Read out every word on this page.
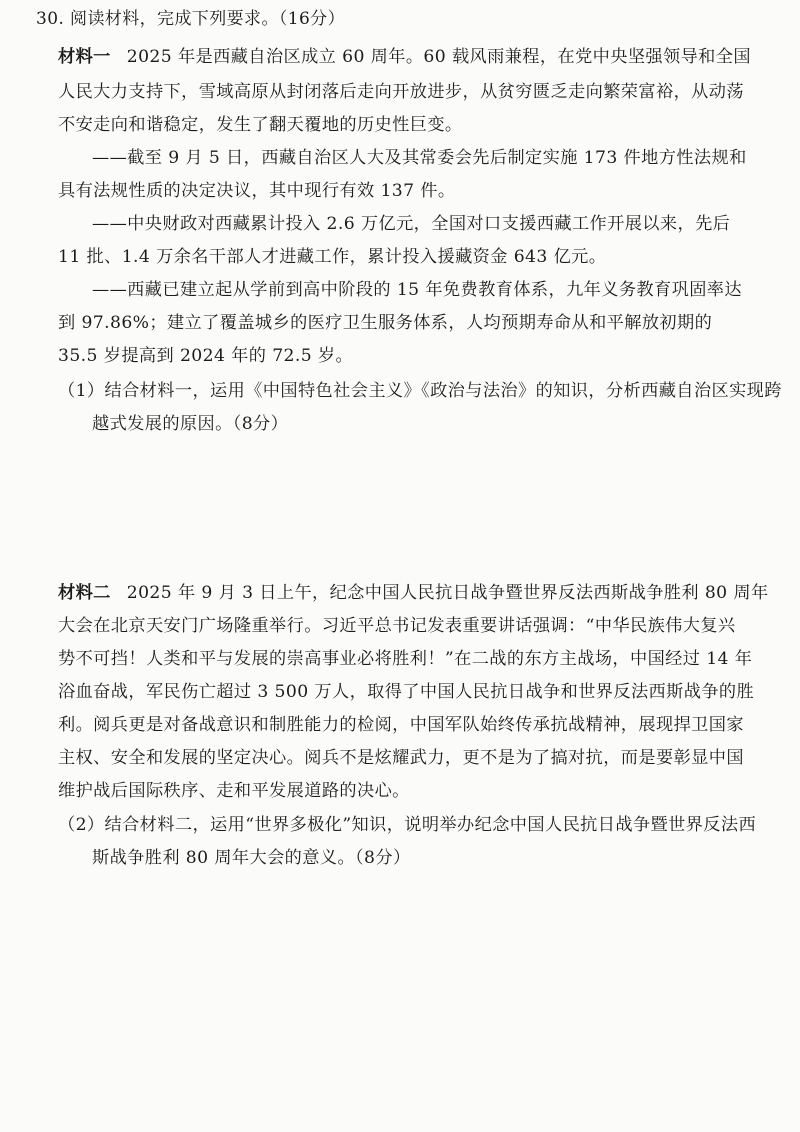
30. 阅读材料，完成下列要求。（16分）
材料一 2025 年是西藏自治区成立 60 周年。60 载风雨兼程，在党中央坚强领导和全国
人民大力支持下，雪域高原从封闭落后走向开放进步，从贫穷匮乏走向繁荣富裕，从动荡
不安走向和谐稳定，发生了翻天覆地的历史性巨变。
——截至 9 月 5 日，西藏自治区人大及其常委会先后制定实施 173 件地方性法规和
具有法规性质的决定决议，其中现行有效 137 件。
——中央财政对西藏累计投入 2.6 万亿元，全国对口支援西藏工作开展以来，先后
11 批、1.4 万余名干部人才进藏工作，累计投入援藏资金 643 亿元。
——西藏已建立起从学前到高中阶段的 15 年免费教育体系，九年义务教育巩固率达
到 97.86%；建立了覆盖城乡的医疗卫生服务体系，人均预期寿命从和平解放初期的
35.5 岁提高到 2024 年的 72.5 岁。
（1）结合材料一，运用《中国特色社会主义》《政治与法治》的知识，分析西藏自治区实现跨
越式发展的原因。（8分）
材料二 2025 年 9 月 3 日上午，纪念中国人民抗日战争暨世界反法西斯战争胜利 80 周年
大会在北京天安门广场隆重举行。习近平总书记发表重要讲话强调：“中华民族伟大复兴
势不可挡！人类和平与发展的崇高事业必将胜利！”在二战的东方主战场，中国经过 14 年
浴血奋战，军民伤亡超过 3 500 万人，取得了中国人民抗日战争和世界反法西斯战争的胜
利。阅兵更是对备战意识和制胜能力的检阅，中国军队始终传承抗战精神，展现捍卫国家
主权、安全和发展的坚定决心。阅兵不是炫耀武力，更不是为了搞对抗，而是要彰显中国
维护战后国际秩序、走和平发展道路的决心。
（2）结合材料二，运用“世界多极化”知识，说明举办纪念中国人民抗日战争暨世界反法西
斯战争胜利 80 周年大会的意义。（8分）
